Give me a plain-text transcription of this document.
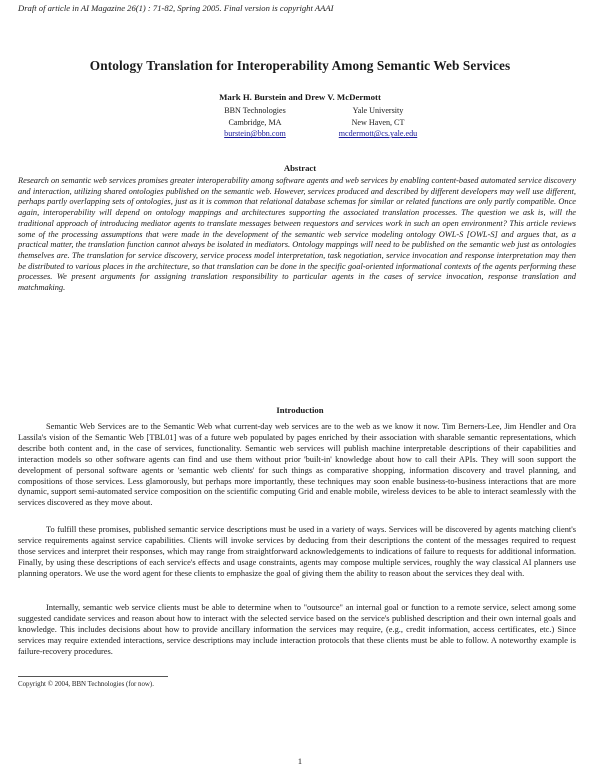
Draft of article in AI Magazine 26(1) : 71-82, Spring 2005. Final version is copyright AAAI
Ontology Translation for Interoperability Among Semantic Web Services
Mark H. Burstein and Drew V. McDermott
BBN Technologies
Cambridge, MA
burstein@bbn.com
Yale University
New Haven, CT
mcdermott@cs.yale.edu
Abstract

Research on semantic web services promises greater interoperability among software agents and web services by enabling content-based automated service discovery and interaction, utilizing shared ontologies published on the semantic web. However, services produced and described by different developers may well use different, perhaps partly overlapping sets of ontologies, just as it is common that relational database schemas for similar or related functions are only partly compatible. Once again, interoperability will depend on ontology mappings and architectures supporting the associated translation processes. The question we ask is, will the traditional approach of introducing mediator agents to translate messages between requestors and services work in such an open environment? This article reviews some of the processing assumptions that were made in the development of the semantic web service modeling ontology OWL-S [OWL-S] and argues that, as a practical matter, the translation function cannot always be isolated in mediators. Ontology mappings will need to be published on the semantic web just as ontologies themselves are. The translation for service discovery, service process model interpretation, task negotiation, service invocation and response interpretation may then be distributed to various places in the architecture, so that translation can be done in the specific goal-oriented informational contexts of the agents performing these processes. We present arguments for assigning translation responsibility to particular agents in the cases of service invocation, response translation and matchmaking.

Introduction

Semantic Web Services are to the Semantic Web what current-day web services are to the web as we know it now. Tim Berners-Lee, Jim Hendler and Ora Lassila's vision of the Semantic Web [TBL01] was of a future web populated by pages enriched by their association with sharable semantic representations, which describe both content and, in the case of services, functionality. Semantic web services will publish machine interpretable descriptions of their capabilities and interaction models so other software agents can find and use them without prior 'built-in' knowledge about how to call their APIs. They will soon support the development of personal software agents or 'semantic web clients' for such things as comparative shopping, information discovery and travel planning, and compositions of those services. Less glamorously, but perhaps more importantly, these techniques may soon enable business-to-business interactions that are more dynamic, support semi-automated service composition on the scientific computing Grid and enable mobile, wireless devices to be able to interact seamlessly with the services discovered as they move about.

To fulfill these promises, published semantic service descriptions must be used in a variety of ways. Services will be discovered by agents matching client's service requirements against service capabilities. Clients will invoke services by deducing from their descriptions the content of the messages required to request those services and interpret their responses, which may range from straightforward acknowledgements to indications of failure to requests for additional information. Finally, by using these descriptions of each service's effects and usage constraints, agents may compose multiple services, roughly the way classical AI planners use planning operators. We use the word agent for these clients to emphasize the goal of giving them the ability to reason about the services they deal with.

Internally, semantic web service clients must be able to determine when to "outsource" an internal goal or function to a remote service, select among some suggested candidate services and reason about how to interact with the selected service based on the service's published description and their own internal goals and knowledge. This includes decisions about how to provide ancillary information the services may require, (e.g., credit information, access certificates, etc.) Since services may require extended interactions, service descriptions may include interaction protocols that these clients must be able to follow. A noteworthy example is failure-recovery procedures.

Copyright © 2004, BBN Technologies (for now).
1
